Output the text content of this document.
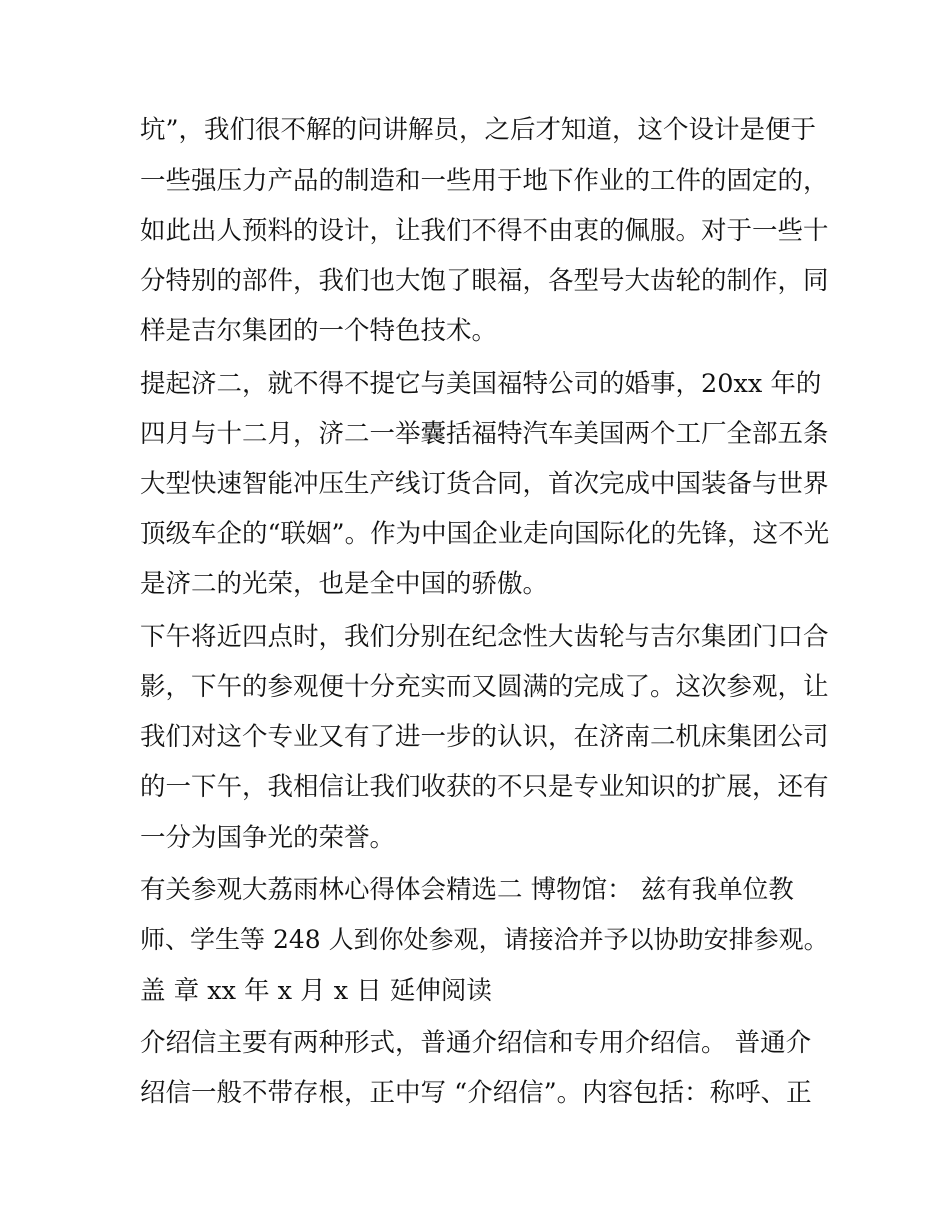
坑”，我们很不解的问讲解员，之后才知道，这个设计是便于

一些强压力产品的制造和一些用于地下作业的工件的固定的，

如此出人预料的设计，让我们不得不由衷的佩服。对于一些十

分特别的部件，我们也大饱了眼福，各型号大齿轮的制作，同

样是吉尔集团的一个特色技术。

提起济二，就不得不提它与美国福特公司的婚事，20xx 年的

四月与十二月，济二一举囊括福特汽车美国两个工厂全部五条

大型快速智能冲压生产线订货合同，首次完成中国装备与世界

顶级车企的“联姻”。作为中国企业走向国际化的先锋，这不光

是济二的光荣，也是全中国的骄傲。

下午将近四点时，我们分别在纪念性大齿轮与吉尔集团门口合

影，下午的参观便十分充实而又圆满的完成了。这次参观，让

我们对这个专业又有了进一步的认识，在济南二机床集团公司

的一下午，我相信让我们收获的不只是专业知识的扩展，还有

一分为国争光的荣誉。

有关参观大荔雨林心得体会精选二 博物馆： 兹有我单位教

师、学生等 248 人到你处参观，请接洽并予以协助安排参观。

盖 章 xx 年 x 月 x 日 延伸阅读

介绍信主要有两种形式，普通介绍信和专用介绍信。 普通介

绍信一般不带存根，正中写 “介绍信”。内容包括：称呼、正
